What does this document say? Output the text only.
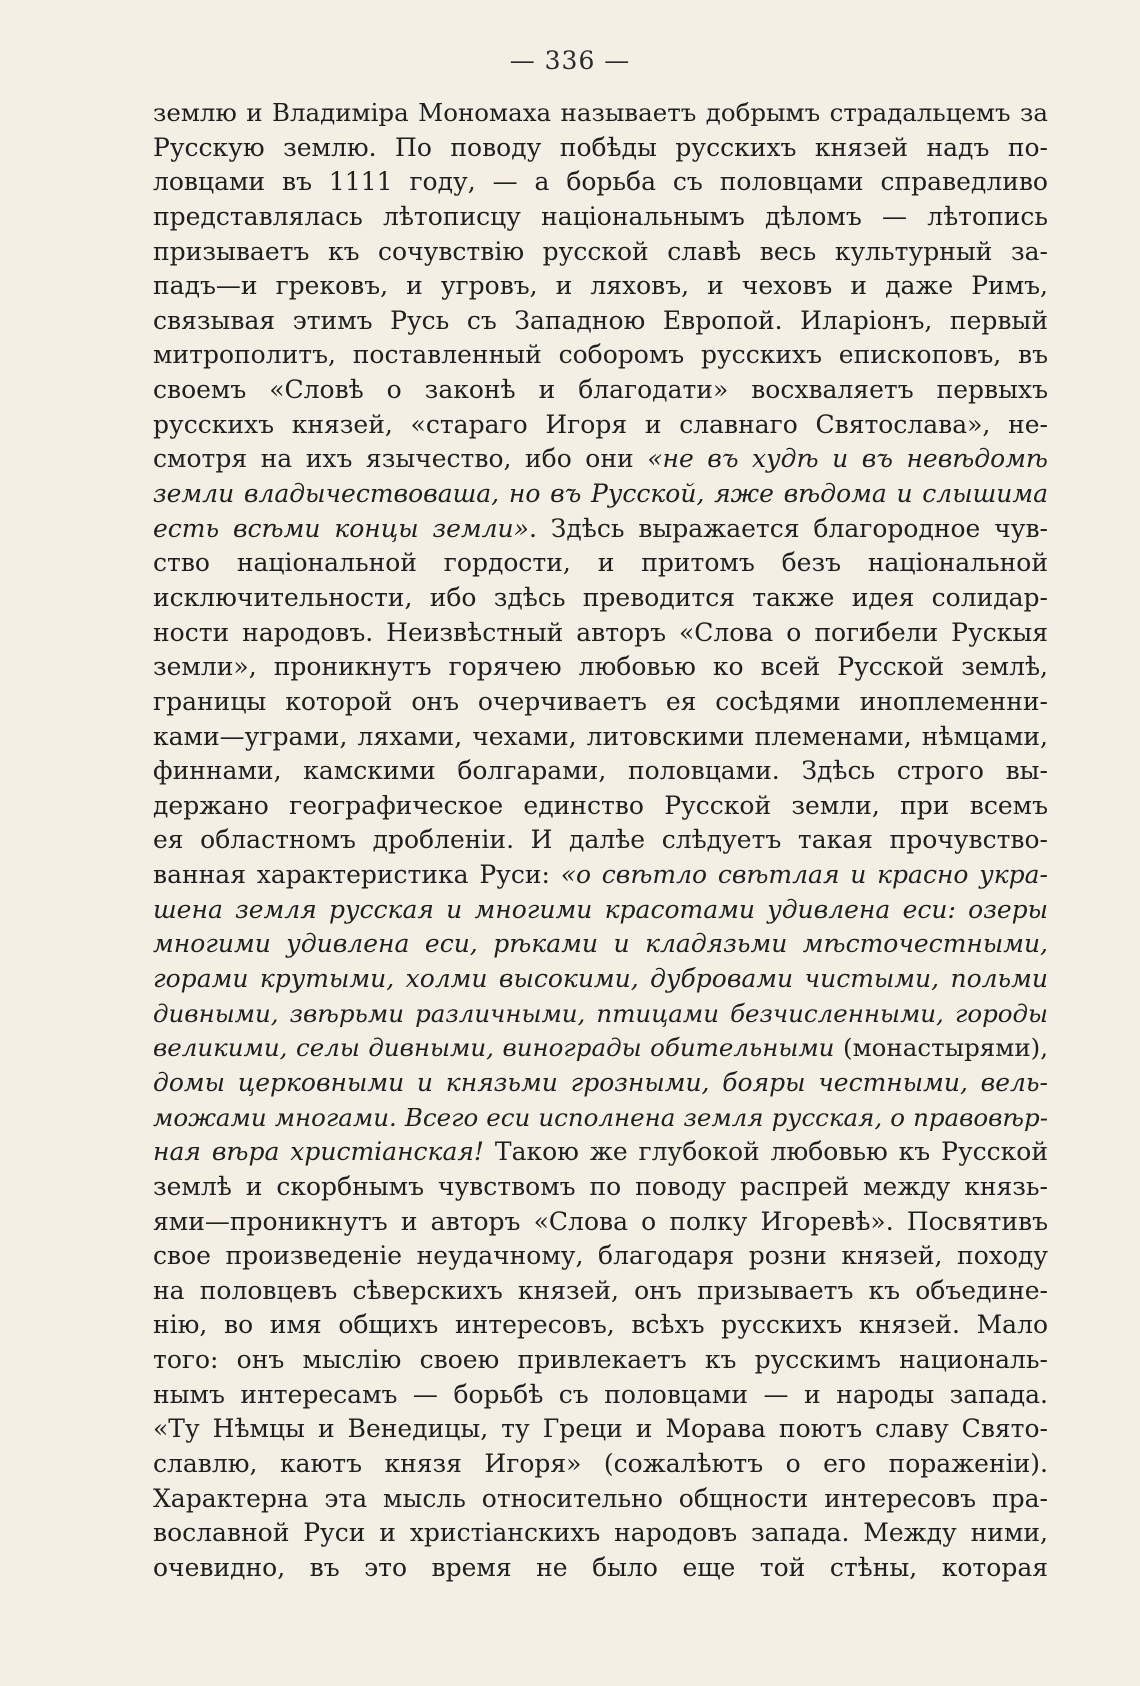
— 336 —
землю и Владиміра Мономаха называетъ добрымъ страдальцемъ за
Русскую землю. По поводу побѣды русскихъ князей надъ по-
ловцами въ 1111 году, — а борьба съ половцами справедливо
представлялась лѣтописцу національнымъ дѣломъ — лѣтопись
призываетъ къ сочувствію русской славѣ весь культурный за-
падъ—и грековъ, и угровъ, и ляховъ, и чеховъ и даже Римъ,
связывая этимъ Русь съ Западною Европой. Иларіонъ, первый
митрополитъ, поставленный соборомъ русскихъ епископовъ, въ
своемъ «Словѣ о законѣ и благодати» восхваляетъ первыхъ
русскихъ князей, «стараго Игоря и славнаго Святослава», не-
смотря на ихъ язычество, ибо они «не въ худѣ и въ невѣдомѣ
земли владычествоваша, но въ Русской, яже вѣдома и слышима
есть всѣми концы земли». Здѣсь выражается благородное чув-
ство національной гордости, и притомъ безъ національной
исключительности, ибо здѣсь преводится также идея солидар-
ности народовъ. Неизвѣстный авторъ «Слова о погибели Рускыя
земли», проникнутъ горячею любовью ко всей Русской землѣ,
границы которой онъ очерчиваетъ ея сосѣдями иноплеменни-
ками—уграми, ляхами, чехами, литовскими племенами, нѣмцами,
финнами, камскими болгарами, половцами. Здѣсь строго вы-
держано географическое единство Русской земли, при всемъ
ея областномъ дробленіи. И далѣе слѣдуетъ такая прочувство-
ванная характеристика Руси: «о свѣтло свѣтлая и красно укра-
шена земля русская и многими красотами удивлена еси: озеры
многими удивлена еси, рѣками и кладязьми мѣсточестными,
горами крутыми, холми высокими, дубровами чистыми, польми
дивными, звѣрьми различными, птицами безчисленными, городы
великими, селы дивными, винограды обительными (монастырями),
домы церковными и князьми грозными, бояры честными, вель-
можами многами. Всего еси исполнена земля русская, о правовѣр-
ная вѣра христіанская! Такою же глубокой любовью къ Русской
землѣ и скорбнымъ чувствомъ по поводу распрей между князь-
ями—проникнутъ и авторъ «Слова о полку Игоревѣ». Посвятивъ
свое произведеніе неудачному, благодаря розни князей, походу
на половцевъ сѣверскихъ князей, онъ призываетъ къ объедине-
нію, во имя общихъ интересовъ, всѣхъ русскихъ князей. Мало
того: онъ мыслію своею привлекаетъ къ русскимъ националь-
нымъ интересамъ — борьбѣ съ половцами — и народы запада.
«Ту Нѣмцы и Венедицы, ту Греци и Морава поютъ славу Свято-
славлю, каютъ князя Игоря» (сожалѣютъ о его пораженіи).
Характерна эта мысль относительно общности интересовъ пра-
вославной Руси и христіанскихъ народовъ запада. Между ними,
очевидно, въ это время не было еще той стѣны, которая
